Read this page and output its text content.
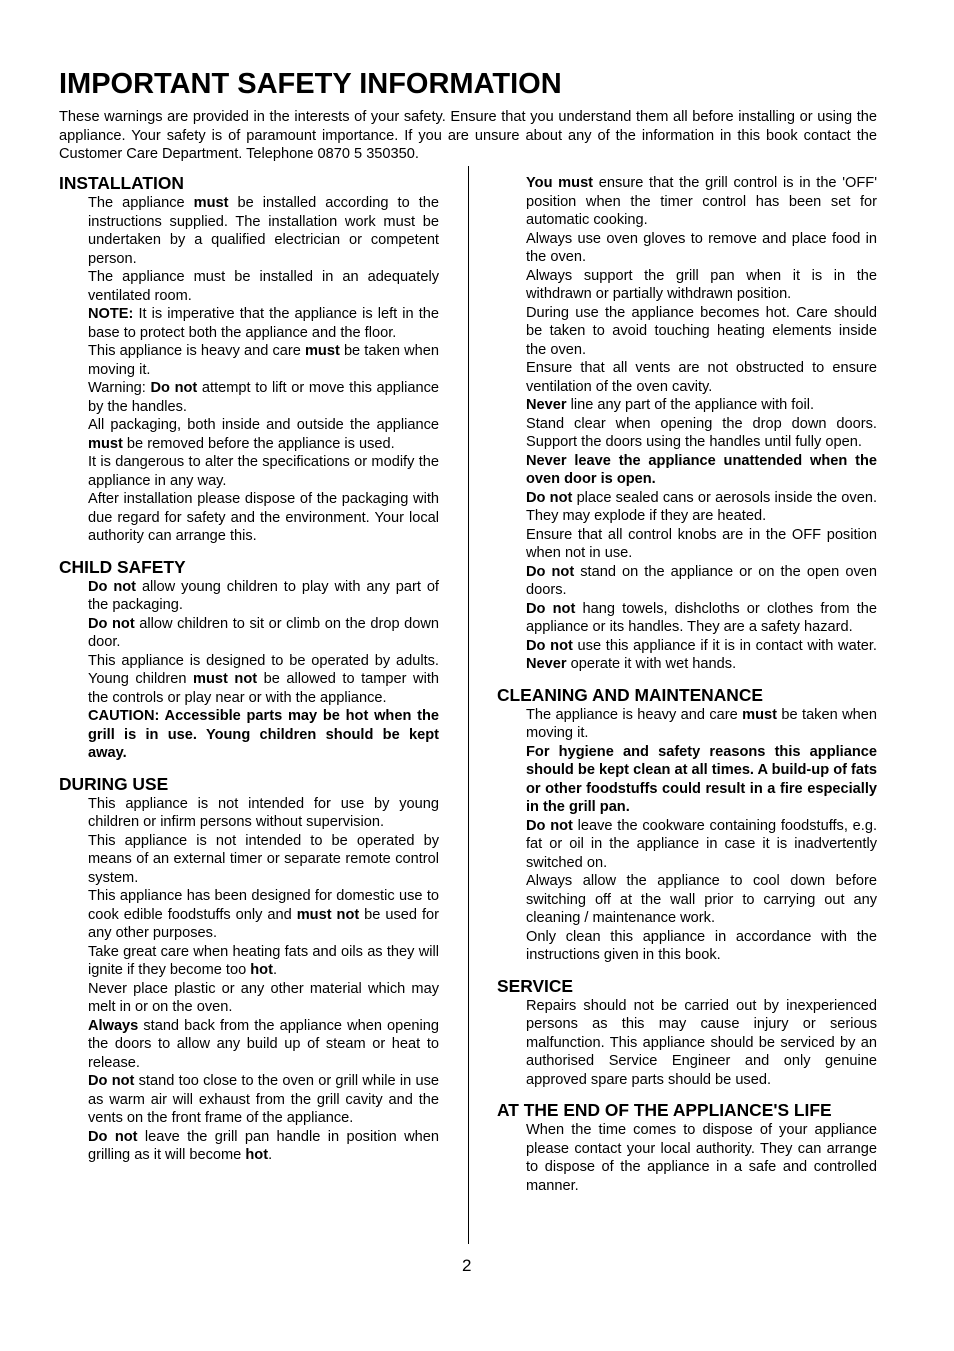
IMPORTANT SAFETY INFORMATION

These warnings are provided in the interests of your safety. Ensure that you understand them all before installing or using the appliance. Your safety is of paramount importance. If you are unsure about any of the information in this book contact the Customer Care Department. Telephone 0870 5 350350.

INSTALLATION

The appliance must be installed according to the instructions supplied. The installation work must be undertaken by a qualified electrician or competent person.

The appliance must be installed in an adequately ventilated room.

NOTE: It is imperative that the appliance is left in the base to protect both the appliance and the floor.

This appliance is heavy and care must be taken when moving it.

Warning: Do not attempt to lift or move this appliance by the handles.

All packaging, both inside and outside the appliance must be removed before the appliance is used.

It is dangerous to alter the specifications or modify the appliance in any way.

After installation please dispose of the packaging with due regard for safety and the environment. Your local authority can arrange this.

CHILD SAFETY

Do not allow young children to play with any part of the packaging.

Do not allow children to sit or climb on the drop down door.

This appliance is designed to be operated by adults. Young children must not be allowed to tamper with the controls or play near or with the appliance.

CAUTION: Accessible parts may be hot when the grill is in use. Young children should be kept away.

DURING USE

This appliance is not intended for use by young children or infirm persons without supervision.

This appliance is not intended to be operated by means of an external timer or separate remote control system.

This appliance has been designed for domestic use to cook edible foodstuffs only and must not be used for any other purposes.

Take great care when heating fats and oils as they will ignite if they become too hot.

Never place plastic or any other material which may melt in or on the oven.

Always stand back from the appliance when opening the doors to allow any build up of steam or heat to release.

Do not stand too close to the oven or grill while in use as warm air will exhaust from the grill cavity and the vents on the front frame of the appliance.

Do not leave the grill pan handle in position when grilling as it will become hot.

You must ensure that the grill control is in the 'OFF' position when the timer control has been set for automatic cooking.

Always use oven gloves to remove and place food in the oven.

Always support the grill pan when it is in the withdrawn or partially withdrawn position.

During use the appliance becomes hot. Care should be taken to avoid touching heating elements inside the oven.

Ensure that all vents are not obstructed to ensure ventilation of the oven cavity.

Never line any part of the appliance with foil.

Stand clear when opening the drop down doors. Support the doors using the handles until fully open.

Never leave the appliance unattended when the oven door is open.

Do not place sealed cans or aerosols inside the oven. They may explode if they are heated.

Ensure that all control knobs are in the OFF position when not in use.

Do not stand on the appliance or on the open oven doors.

Do not hang towels, dishcloths or clothes from the appliance or its handles. They are a safety hazard.

Do not use this appliance if it is in contact with water. Never operate it with wet hands.

CLEANING AND MAINTENANCE

The appliance is heavy and care must be taken when moving it.

For hygiene and safety reasons this appliance should be kept clean at all times. A build-up of fats or other foodstuffs could result in a fire especially in the grill pan.

Do not leave the cookware containing foodstuffs, e.g. fat or oil in the appliance in case it is inadvertently switched on.

Always allow the appliance to cool down before switching off at the wall prior to carrying out any cleaning / maintenance work.

Only clean this appliance in accordance with the instructions given in this book.

SERVICE

Repairs should not be carried out by inexperienced persons as this may cause injury or serious malfunction. This appliance should be serviced by an authorised Service Engineer and only genuine approved spare parts should be used.

AT THE END OF THE APPLIANCE'S LIFE

When the time comes to dispose of your appliance please contact your local authority. They can arrange to dispose of the appliance in a safe and controlled manner.

2
